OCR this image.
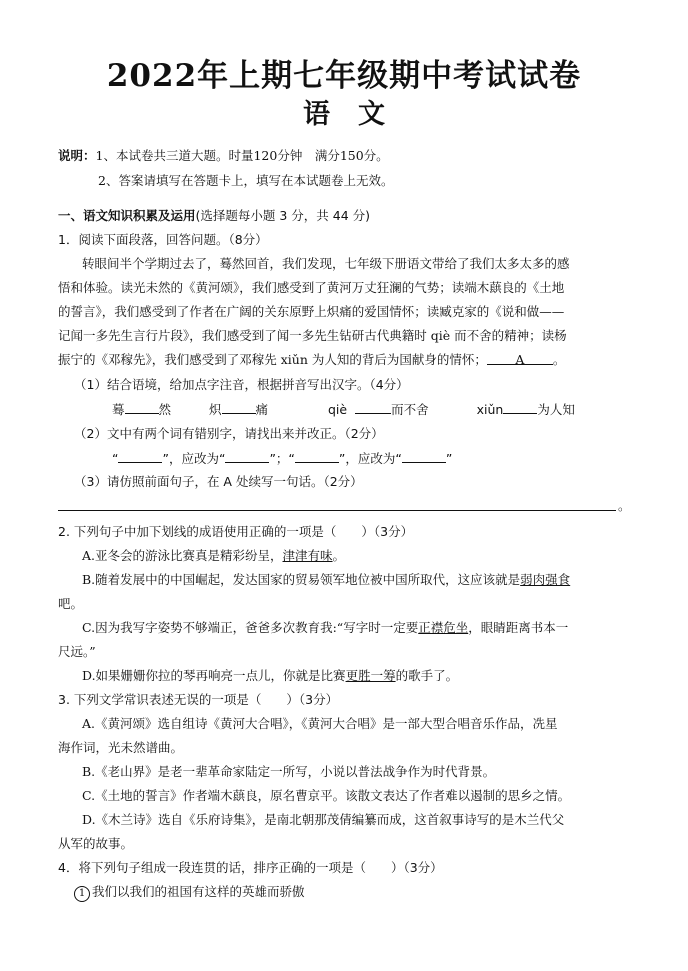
2022年上期七年级期中考试试卷
语文
说明：1、本试卷共三道大题。时量120分钟　满分150分。
2、答案请填写在答题卡上，填写在本试题卷上无效。
一、语文知识积累及运用(选择题每小题 3 分，共 44 分)
1．阅读下面段落，回答问题。（8分）
转眼间半个学期过去了，蓦然回首，我们发现，七年级下册语文带给了我们太多太多的感
悟和体验。读光未然的《黄河颂》，我们感受到了黄河万丈狂澜的气势；读端木蕻良的《土地
的誓言》，我们感受到了作者在广阔的关东原野上炽痛的爱国情怀；读臧克家的《说和做——
记闻一多先生言行片段》，我们感受到了闻一多先生钻研古代典籍时 qiè 而不舍的精神；读杨
振宁的《邓稼先》，我们感受到了邓稼先 xiǔn 为人知的背后为国献身的情怀； A 。
（1）结合语境，给加点字注音，根据拼音写出汉字。（4分）
蓦	然	炽	痛	qiè	而不舍	xiǔn	为人知
（2）文中有两个词有错别字，请找出来并改正。（2分）
“	”，应改为“	”；“	”，应改为“	”
（3）请仿照前面句子，在 A 处续写一句话。（2分）
。
2. 下列句子中加下划线的成语使用正确的一项是（　　）（3分）
A.亚冬会的游泳比赛真是精彩纷呈，津津有味。
B.随着发展中的中国崛起，发达国家的贸易领军地位被中国所取代，这应该就是弱肉强食
吧。
C.因为我写字姿势不够端正，爸爸多次教育我:“写字时一定要正襟危坐，眼睛距离书本一
尺远。”
D.如果姗姗你拉的琴再响亮一点儿，你就是比赛更胜一筹的歌手了。
3. 下列文学常识表述无误的一项是（　　）（3分）
A.《黄河颂》选自组诗《黄河大合唱》，《黄河大合唱》是一部大型合唱音乐作品，冼星
海作词，光未然谱曲。
B.《老山界》是老一辈革命家陆定一所写，小说以普法战争作为时代背景。
C.《土地的誓言》作者端木蕻良，原名曹京平。该散文表达了作者难以遏制的思乡之情。
D.《木兰诗》选自《乐府诗集》，是南北朝那茂倩编纂而成，这首叙事诗写的是木兰代父
从军的故事。
4．将下列句子组成一段连贯的话，排序正确的一项是（　　）（3分）
1 我们以我们的祖国有这样的英雄而骄傲
